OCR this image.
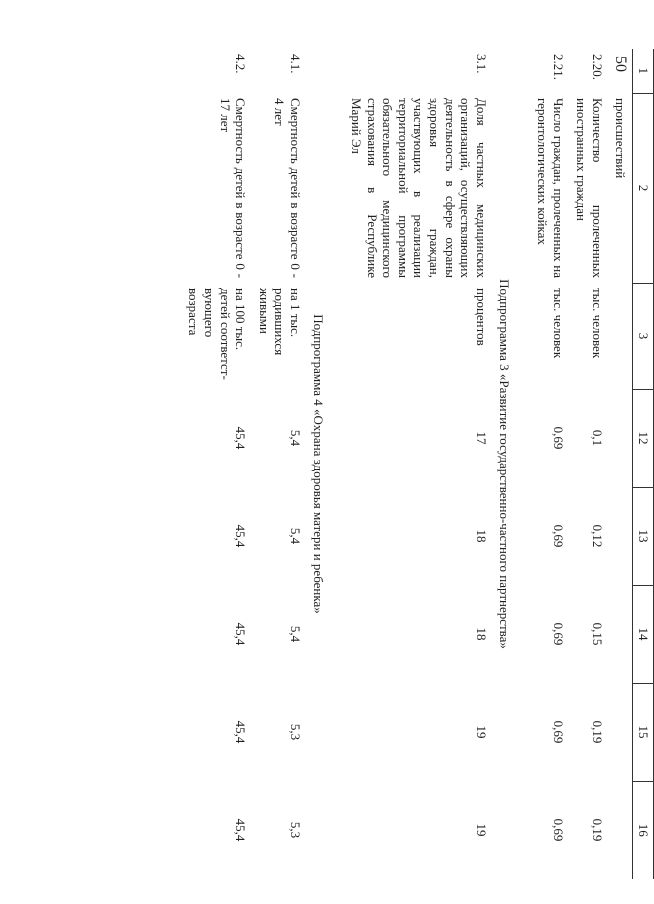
50 1	2	3	12	13	14	15	16
	происшествий						
2.20.	Количество пролеченных иностранных граждан	тыс. человек	0,1	0,12	0,15	0,19	0,19
2.21.	Число граждан, пролеченных на геронтологических койках	тыс. человек	0,69	0,69	0,69	0,69	0,69

Подпрограмма 3 «Развитие государственно-частного партнерства»							
3.1.	Доля частных медицинских организаций, осуществляющих деятельность в сфере охраны здоровья граждан, участвующих в реализации территориальной программы обязательного медицинского страхования в Республике Марий Эл	процентов	17	18	18	19	19

Подпрограмма 4 «Охрана здоровья матери и ребенка»							
4.1.	Смертность детей в возрасте 0 - 4 лет	на 1 тыс. родившихся живыми	5,4	5,4	5,4	5,3	5,3
4.2.	Смертность детей в возрасте 0 - 17 лет	на 100 тыс. детей соответст-вующего возраста	45,4	45,4	45,4	45,4	45,4
